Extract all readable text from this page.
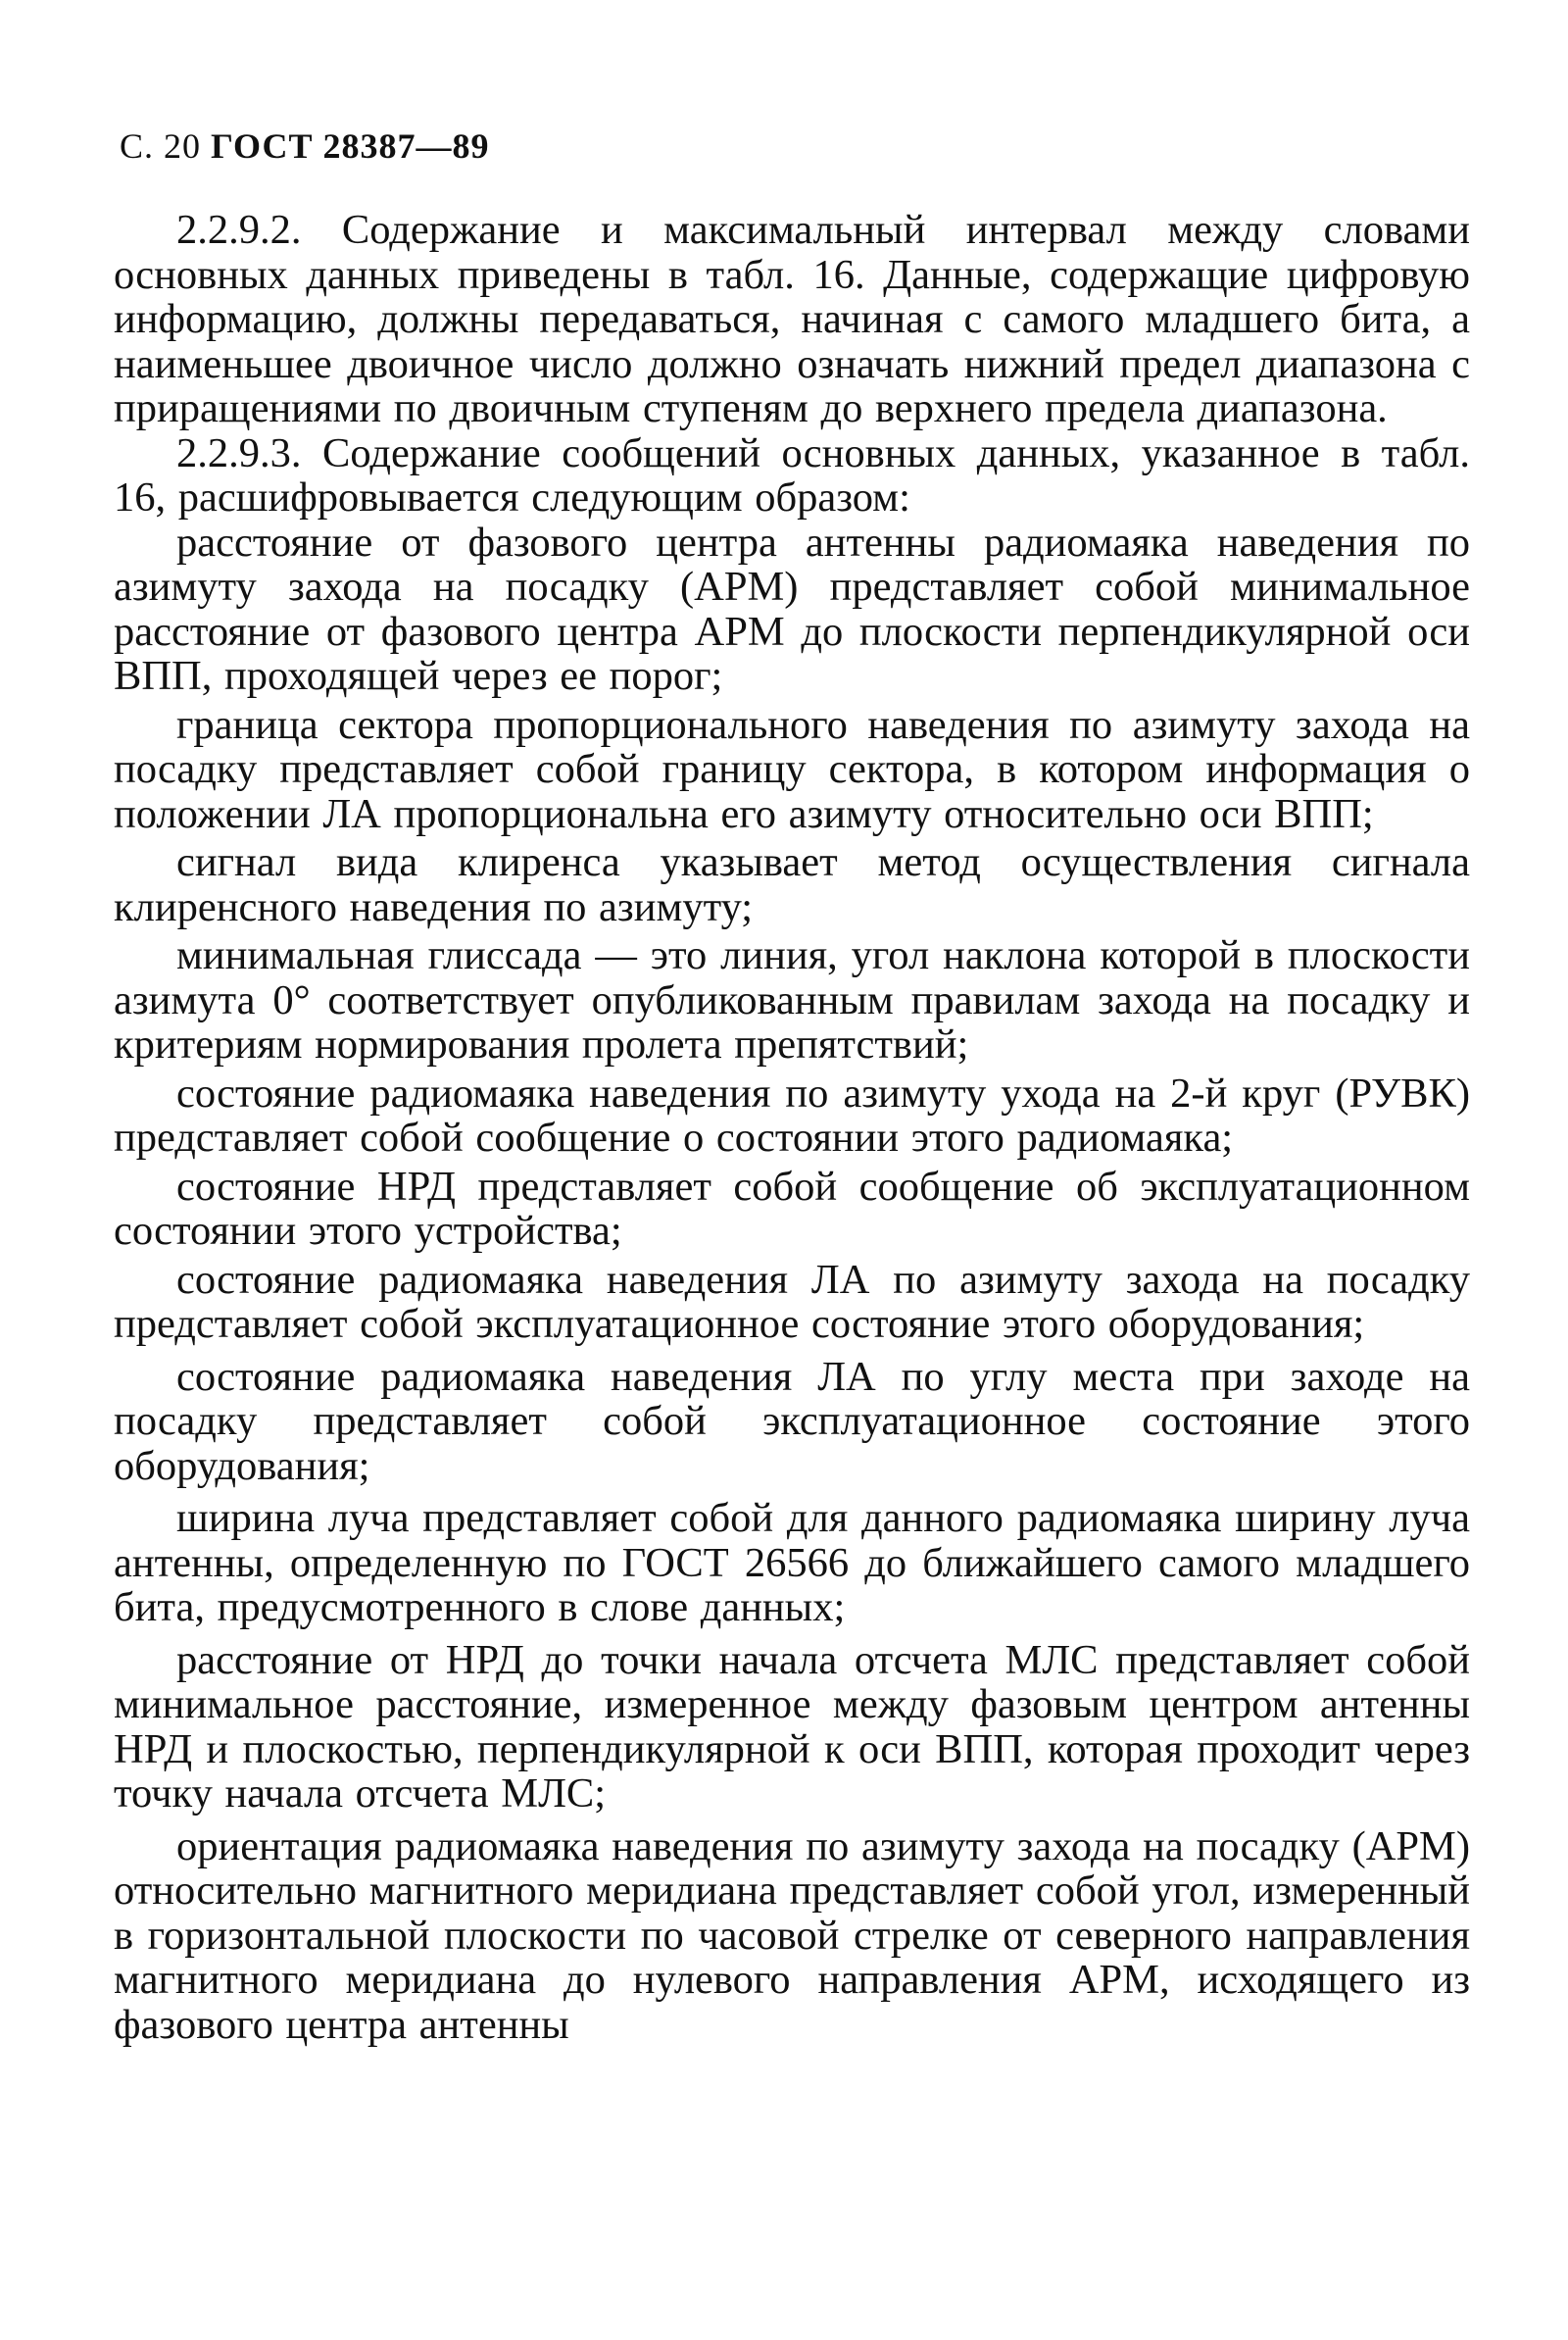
С. 20 ГОСТ 28387—89

2.2.9.2. Содержание и максимальный интервал между словами основных данных приведены в табл. 16. Данные, содержащие цифровую информацию, должны передаваться, начиная с самого младшего бита, а наименьшее двоичное число должно означать нижний предел диапазона с приращениями по двоичным ступеням до верхнего предела диапазона.

2.2.9.3. Содержание сообщений основных данных, указанное в табл. 16, расшифровывается следующим образом:

расстояние от фазового центра антенны радиомаяка наведения по азимуту захода на посадку (АРМ) представляет собой минимальное расстояние от фазового центра АРМ до плоскости перпендикулярной оси ВПП, проходящей через ее порог;

граница сектора пропорционального наведения по азимуту захода на посадку представляет собой границу сектора, в котором информация о положении ЛА пропорциональна его азимуту относительно оси ВПП;

сигнал вида клиренса указывает метод осуществления сигнала клиренсного наведения по азимуту;

минимальная глиссада — это линия, угол наклона которой в плоскости азимута 0° соответствует опубликованным правилам захода на посадку и критериям нормирования пролета препятствий;

состояние радиомаяка наведения по азимуту ухода на 2-й круг (РУВК) представляет собой сообщение о состоянии этого радиомаяка;

состояние НРД представляет собой сообщение об эксплуатационном состоянии этого устройства;

состояние радиомаяка наведения ЛА по азимуту захода на посадку представляет собой эксплуатационное состояние этого оборудования;

состояние радиомаяка наведения ЛА по углу места при заходе на посадку представляет собой эксплуатационное состояние этого оборудования;

ширина луча представляет собой для данного радиомаяка ширину луча антенны, определенную по ГОСТ 26566 до ближайшего самого младшего бита, предусмотренного в слове данных;

расстояние от НРД до точки начала отсчета МЛС представляет собой минимальное расстояние, измеренное между фазовым центром антенны НРД и плоскостью, перпендикулярной к оси ВПП, которая проходит через точку начала отсчета МЛС;

ориентация радиомаяка наведения по азимуту захода на посадку (АРМ) относительно магнитного меридиана представляет собой угол, измеренный в горизонтальной плоскости по часовой стрелке от северного направления магнитного меридиана до нулевого направления АРМ, исходящего из фазового центра антенны
